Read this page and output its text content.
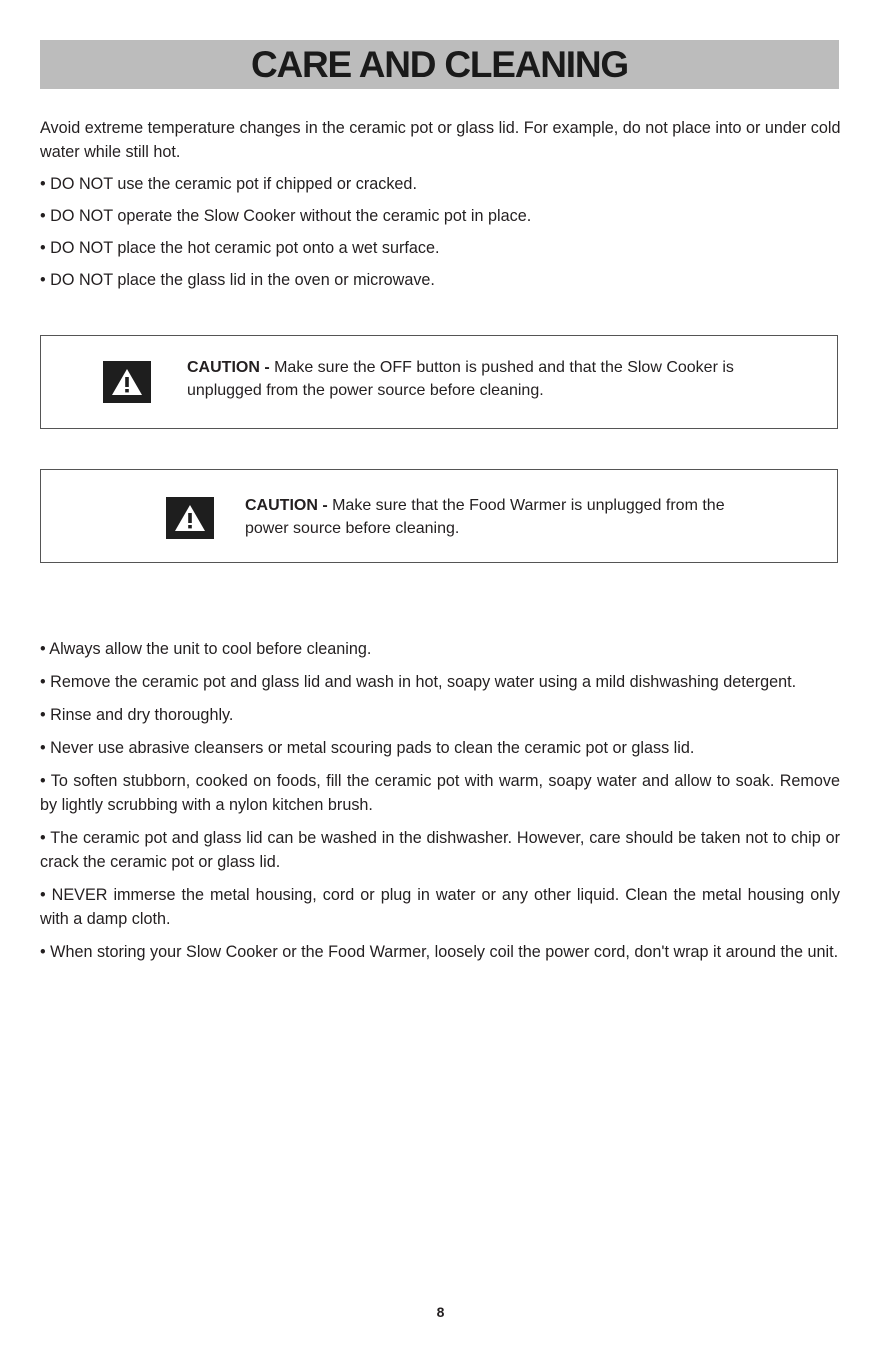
CARE AND CLEANING

Avoid extreme temperature changes in the ceramic pot or glass lid. For example, do not place into or under cold water while still hot.

• DO NOT use the ceramic pot if chipped or cracked.
• DO NOT operate the Slow Cooker without the ceramic pot in place.
• DO NOT place the hot ceramic pot onto a wet surface.
• DO NOT place the glass lid in the oven or microwave.

CAUTION - Make sure the OFF button is pushed and that the Slow Cooker is unplugged from the power source before cleaning.

CAUTION - Make sure that the Food Warmer is unplugged from the power source before cleaning.

• Always allow the unit to cool before cleaning.
• Remove the ceramic pot and glass lid and wash in hot, soapy water using a mild dishwashing detergent.
• Rinse and dry thoroughly.
• Never use abrasive cleansers or metal scouring pads to clean the ceramic pot or glass lid.
• To soften stubborn, cooked on foods, fill the ceramic pot with warm, soapy water and allow to soak. Remove by lightly scrubbing with a nylon kitchen brush.
• The ceramic pot and glass lid can be washed in the dishwasher. However, care should be taken not to chip or crack the ceramic pot or glass lid.
• NEVER immerse the metal housing, cord or plug in water or any other liquid. Clean the metal housing only with a damp cloth.
• When storing your Slow Cooker or the Food Warmer, loosely coil the power cord, don't wrap it around the unit.
8
